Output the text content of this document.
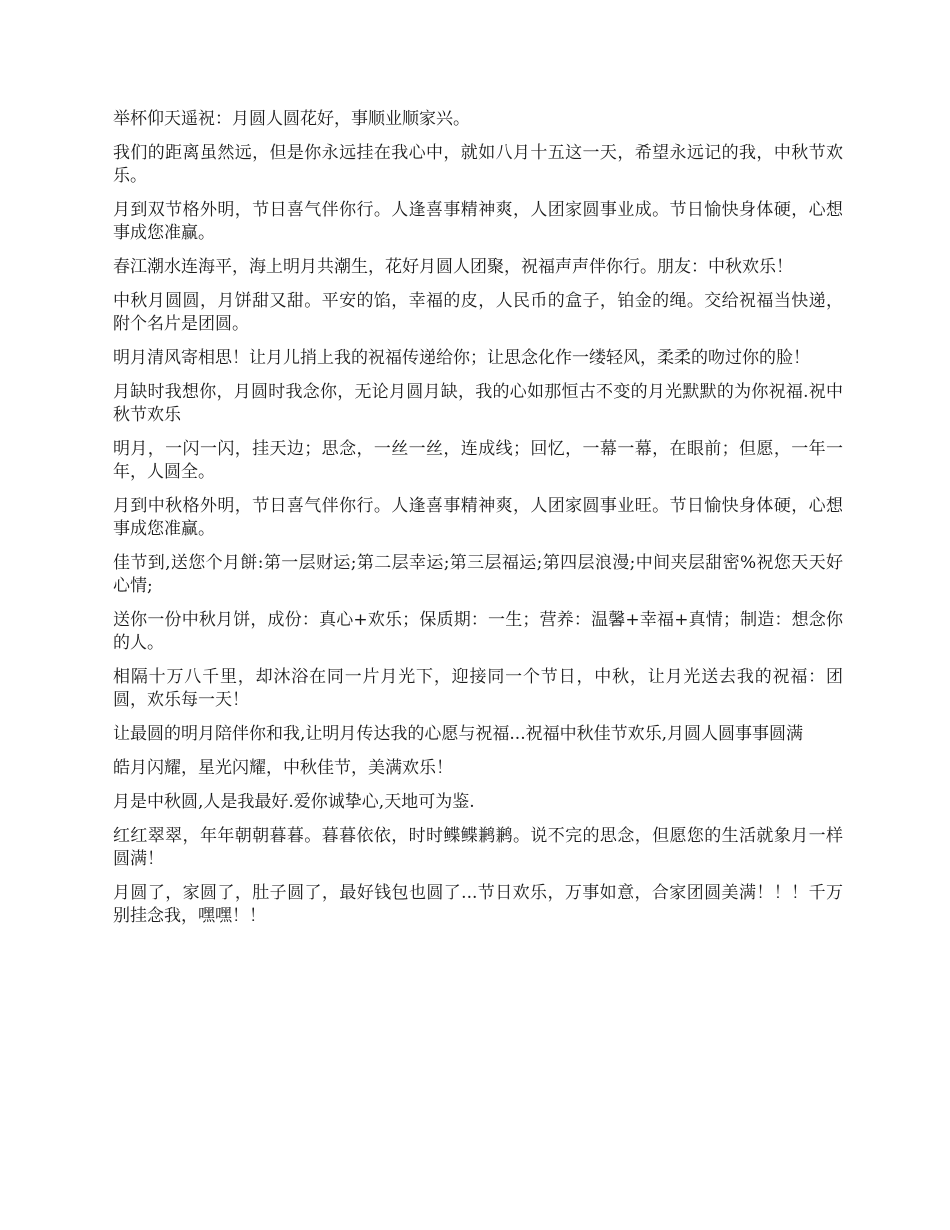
举杯仰天遥祝：月圆人圆花好，事顺业顺家兴。

我们的距离虽然远，但是你永远挂在我心中，就如八月十五这一天，希望永远记的我，中秋节欢乐。

月到双节格外明，节日喜气伴你行。人逢喜事精神爽，人团家圆事业成。节日愉快身体硬，心想事成您准赢。

春江潮水连海平，海上明月共潮生，花好月圆人团聚，祝福声声伴你行。朋友：中秋欢乐！

中秋月圆圆，月饼甜又甜。平安的馅，幸福的皮，人民币的盒子，铂金的绳。交给祝福当快递，附个名片是团圆。

明月清风寄相思！让月儿捎上我的祝福传递给你；让思念化作一缕轻风，柔柔的吻过你的脸！

月缺时我想你，月圆时我念你，无论月圆月缺，我的心如那恒古不变的月光默默的为你祝福.祝中秋节欢乐

明月，一闪一闪，挂天边；思念，一丝一丝，连成线；回忆，一幕一幕，在眼前；但愿，一年一年，人圆全。

月到中秋格外明，节日喜气伴你行。人逢喜事精神爽，人团家圆事业旺。节日愉快身体硬，心想事成您准赢。

佳节到,送您个月餅:第一层财运;第二层幸运;第三层福运;第四层浪漫;中间夹层甜密%祝您天天好心情;

送你一份中秋月饼，成份：真心+欢乐；保质期：一生；营养：温馨+幸福+真情；制造：想念你的人。

相隔十万八千里，却沐浴在同一片月光下，迎接同一个节日，中秋，让月光送去我的祝福：团圆，欢乐每一天！

让最圆的明月陪伴你和我,让明月传达我的心愿与祝福...祝福中秋佳节欢乐,月圆人圆事事圆满

皓月闪耀，星光闪耀，中秋佳节，美满欢乐！

月是中秋圆,人是我最好.爱你诚挚心,天地可为鉴.

红红翠翠，年年朝朝暮暮。暮暮依依，时时鲽鲽鹣鹣。说不完的思念，但愿您的生活就象月一样圆满！

月圆了，家圆了，肚子圆了，最好钱包也圆了...节日欢乐，万事如意，合家团圆美满！！！千万别挂念我，嘿嘿！！
